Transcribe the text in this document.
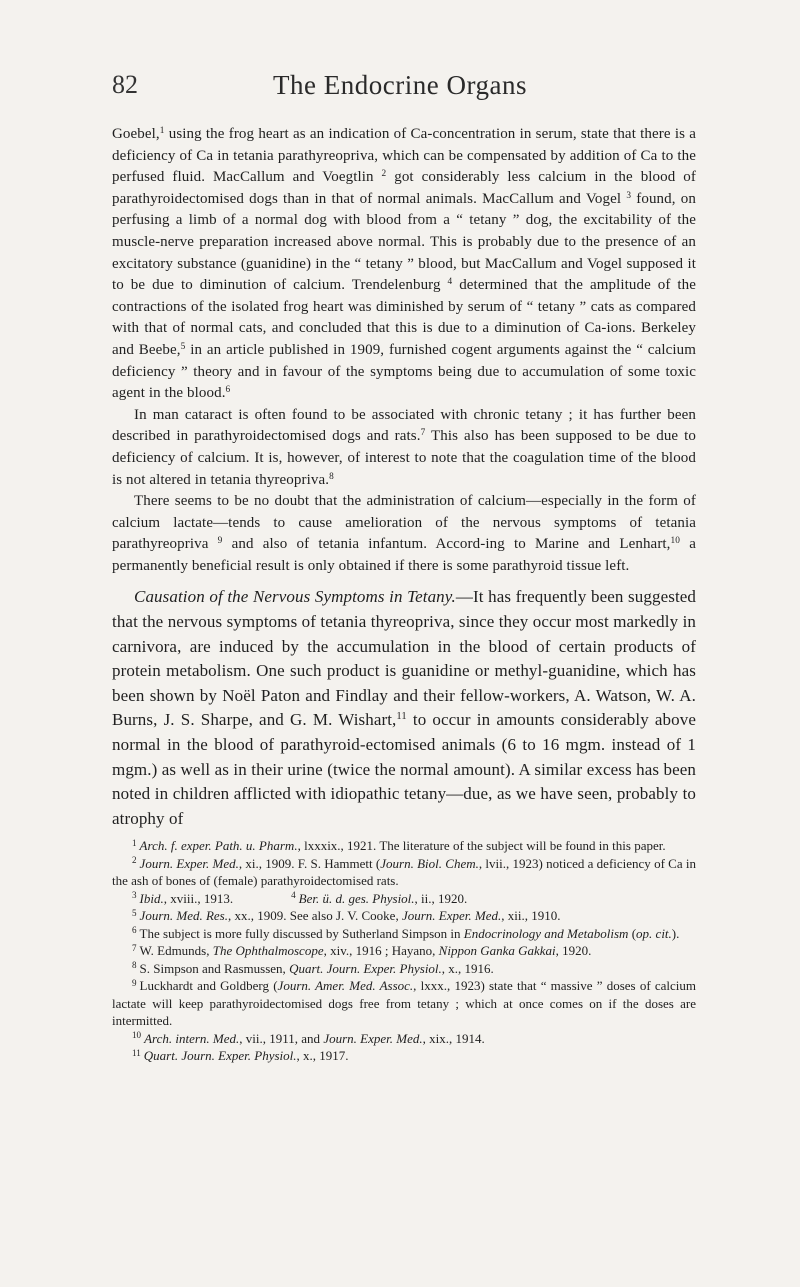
82	The Endocrine Organs

Goebel,$^1$ using the frog heart as an indication of Ca-concentration in serum, state that there is a deficiency of Ca in tetania parathyreopriva, which can be compensated by addition of Ca to the perfused fluid. MacCallum and Voegtlin $^2$ got considerably less calcium in the blood of parathyroidectomised dogs than in that of normal animals. MacCallum and Vogel $^3$ found, on perfusing a limb of a normal dog with blood from a “ tetany ” dog, the excitability of the muscle-nerve preparation increased above normal. This is probably due to the presence of an excitatory substance (guanidine) in the “ tetany ” blood, but MacCallum and Vogel supposed it to be due to diminution of calcium. Trendelenburg $^4$ determined that the amplitude of the contractions of the isolated frog heart was diminished by serum of “ tetany ” cats as compared with that of normal cats, and concluded that this is due to a diminution of Ca-ions. Berkeley and Beebe,$^5$ in an article published in 1909, furnished cogent arguments against the “ calcium deficiency ” theory and in favour of the symptoms being due to accumulation of some toxic agent in the blood.$^6$

In man cataract is often found to be associated with chronic tetany ; it has further been described in parathyroidectomised dogs and rats.$^7$ This also has been supposed to be due to deficiency of calcium. It is, however, of interest to note that the coagulation time of the blood is not altered in tetania thyreopriva.$^8$

There seems to be no doubt that the administration of calcium—especially in the form of calcium lactate—tends to cause amelioration of the nervous symptoms of tetania parathyreopriva $^9$ and also of tetania infantum. Accord-ing to Marine and Lenhart,$^{10}$ a permanently beneficial result is only obtained if there is some parathyroid tissue left.

Causation of the Nervous Symptoms in Tetany.—It has frequently been suggested that the nervous symptoms of tetania thyreopriva, since they occur most markedly in carnivora, are induced by the accumulation in the blood of certain products of protein metabolism. One such product is guanidine or methyl-guanidine, which has been shown by Noël Paton and Findlay and their fellow-workers, A. Watson, W. A. Burns, J. S. Sharpe, and G. M. Wishart,$^{11}$ to occur in amounts considerably above normal in the blood of parathyroid-ectomised animals (6 to 16 mgm. instead of 1 mgm.) as well as in their urine (twice the normal amount). A similar excess has been noted in children afflicted with idiopathic tetany—due, as we have seen, probably to atrophy of

$^1$ Arch. f. exper. Path. u. Pharm., lxxxix., 1921. The literature of the subject will be found in this paper.

$^2$ Journ. Exper. Med., xi., 1909. F. S. Hammett (Journ. Biol. Chem., lvii., 1923) noticed a deficiency of Ca in the ash of bones of (female) parathyroidectomised rats.

$^3$ Ibid., xviii., 1913.	$^4$ Ber. ü. d. ges. Physiol., ii., 1920.

$^5$ Journ. Med. Res., xx., 1909. See also J. V. Cooke, Journ. Exper. Med., xii., 1910.

$^6$ The subject is more fully discussed by Sutherland Simpson in Endocrinology and Metabolism (op. cit.).

$^7$ W. Edmunds, The Ophthalmoscope, xiv., 1916 ; Hayano, Nippon Ganka Gakkai, 1920.

$^8$ S. Simpson and Rasmussen, Quart. Journ. Exper. Physiol., x., 1916.

$^9$ Luckhardt and Goldberg (Journ. Amer. Med. Assoc., lxxx., 1923) state that “ massive ” doses of calcium lactate will keep parathyroidectomised dogs free from tetany ; which at once comes on if the doses are intermitted.

$^{10}$ Arch. intern. Med., vii., 1911, and Journ. Exper. Med., xix., 1914.

$^{11}$ Quart. Journ. Exper. Physiol., x., 1917.
